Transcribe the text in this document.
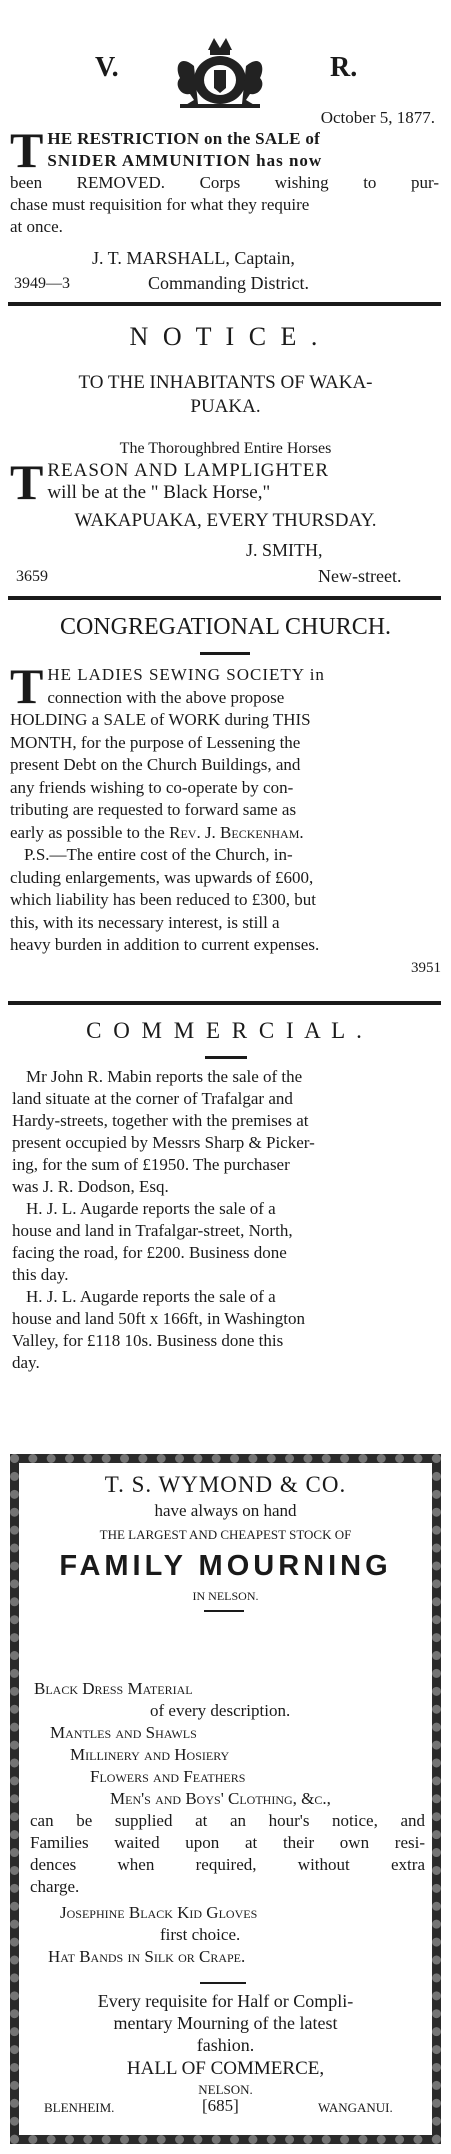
V.	R.
October 5, 1877.
T HE RESTRICTION on the SALE of
SNIDER AMMUNITION has now
been REMOVED. Corps wishing to pur-
chase must requisition for what they require
at once.
J. T. MARSHALL, Captain,
3949—3	Commanding District.
N O T I C E .
TO THE INHABITANTS OF WAKA-
PUAKA.
The Thoroughbred Entire Horses
T REASON AND LAMPLIGHTER
will be at the " Black Horse,"
WAKAPUAKA, EVERY THURSDAY.
J. SMITH,
3659	New-street.
CONGREGATIONAL CHURCH.
T HE LADIES SEWING SOCIETY in
connection with the above propose
HOLDING a SALE of WORK during THIS
MONTH, for the purpose of Lessening the
present Debt on the Church Buildings, and
any friends wishing to co-operate by con-
tributing are requested to forward same as
early as possible to the Rev. J. Beckenham.
P.S.—The entire cost of the Church, in-
cluding enlargements, was upwards of £600,
which liability has been reduced to £300, but
this, with its necessary interest, is still a
heavy burden in addition to current expenses.
3951
C O M M E R C I A L .
Mr John R. Mabin reports the sale of the
land situate at the corner of Trafalgar and
Hardy-streets, together with the premises at
present occupied by Messrs Sharp & Picker-
ing, for the sum of £1950. The purchaser
was J. R. Dodson, Esq.
H. J. L. Augarde reports the sale of a
house and land in Trafalgar-street, North,
facing the road, for £200. Business done
this day.
H. J. L. Augarde reports the sale of a
house and land 50ft x 166ft, in Washington
Valley, for £118 10s. Business done this
day.
T. S. WYMOND & CO.
have always on hand
THE LARGEST AND CHEAPEST STOCK OF
FAMILY MOURNING
IN NELSON.
Black Dress Material
of every description.
Mantles and Shawls
Millinery and Hosiery
Flowers and Feathers
Men's and Boys' Clothing, &c.,
can be supplied at an hour's notice, and
Families waited upon at their own resi-
dences when required, without extra
charge.
Josephine Black Kid Gloves
first choice.
Hat Bands in Silk or Crape.
Every requisite for Half or Compli-
mentary Mourning of the latest
fashion.
HALL OF COMMERCE,
NELSON.
BLENHEIM.	[685]	WANGANUI.
